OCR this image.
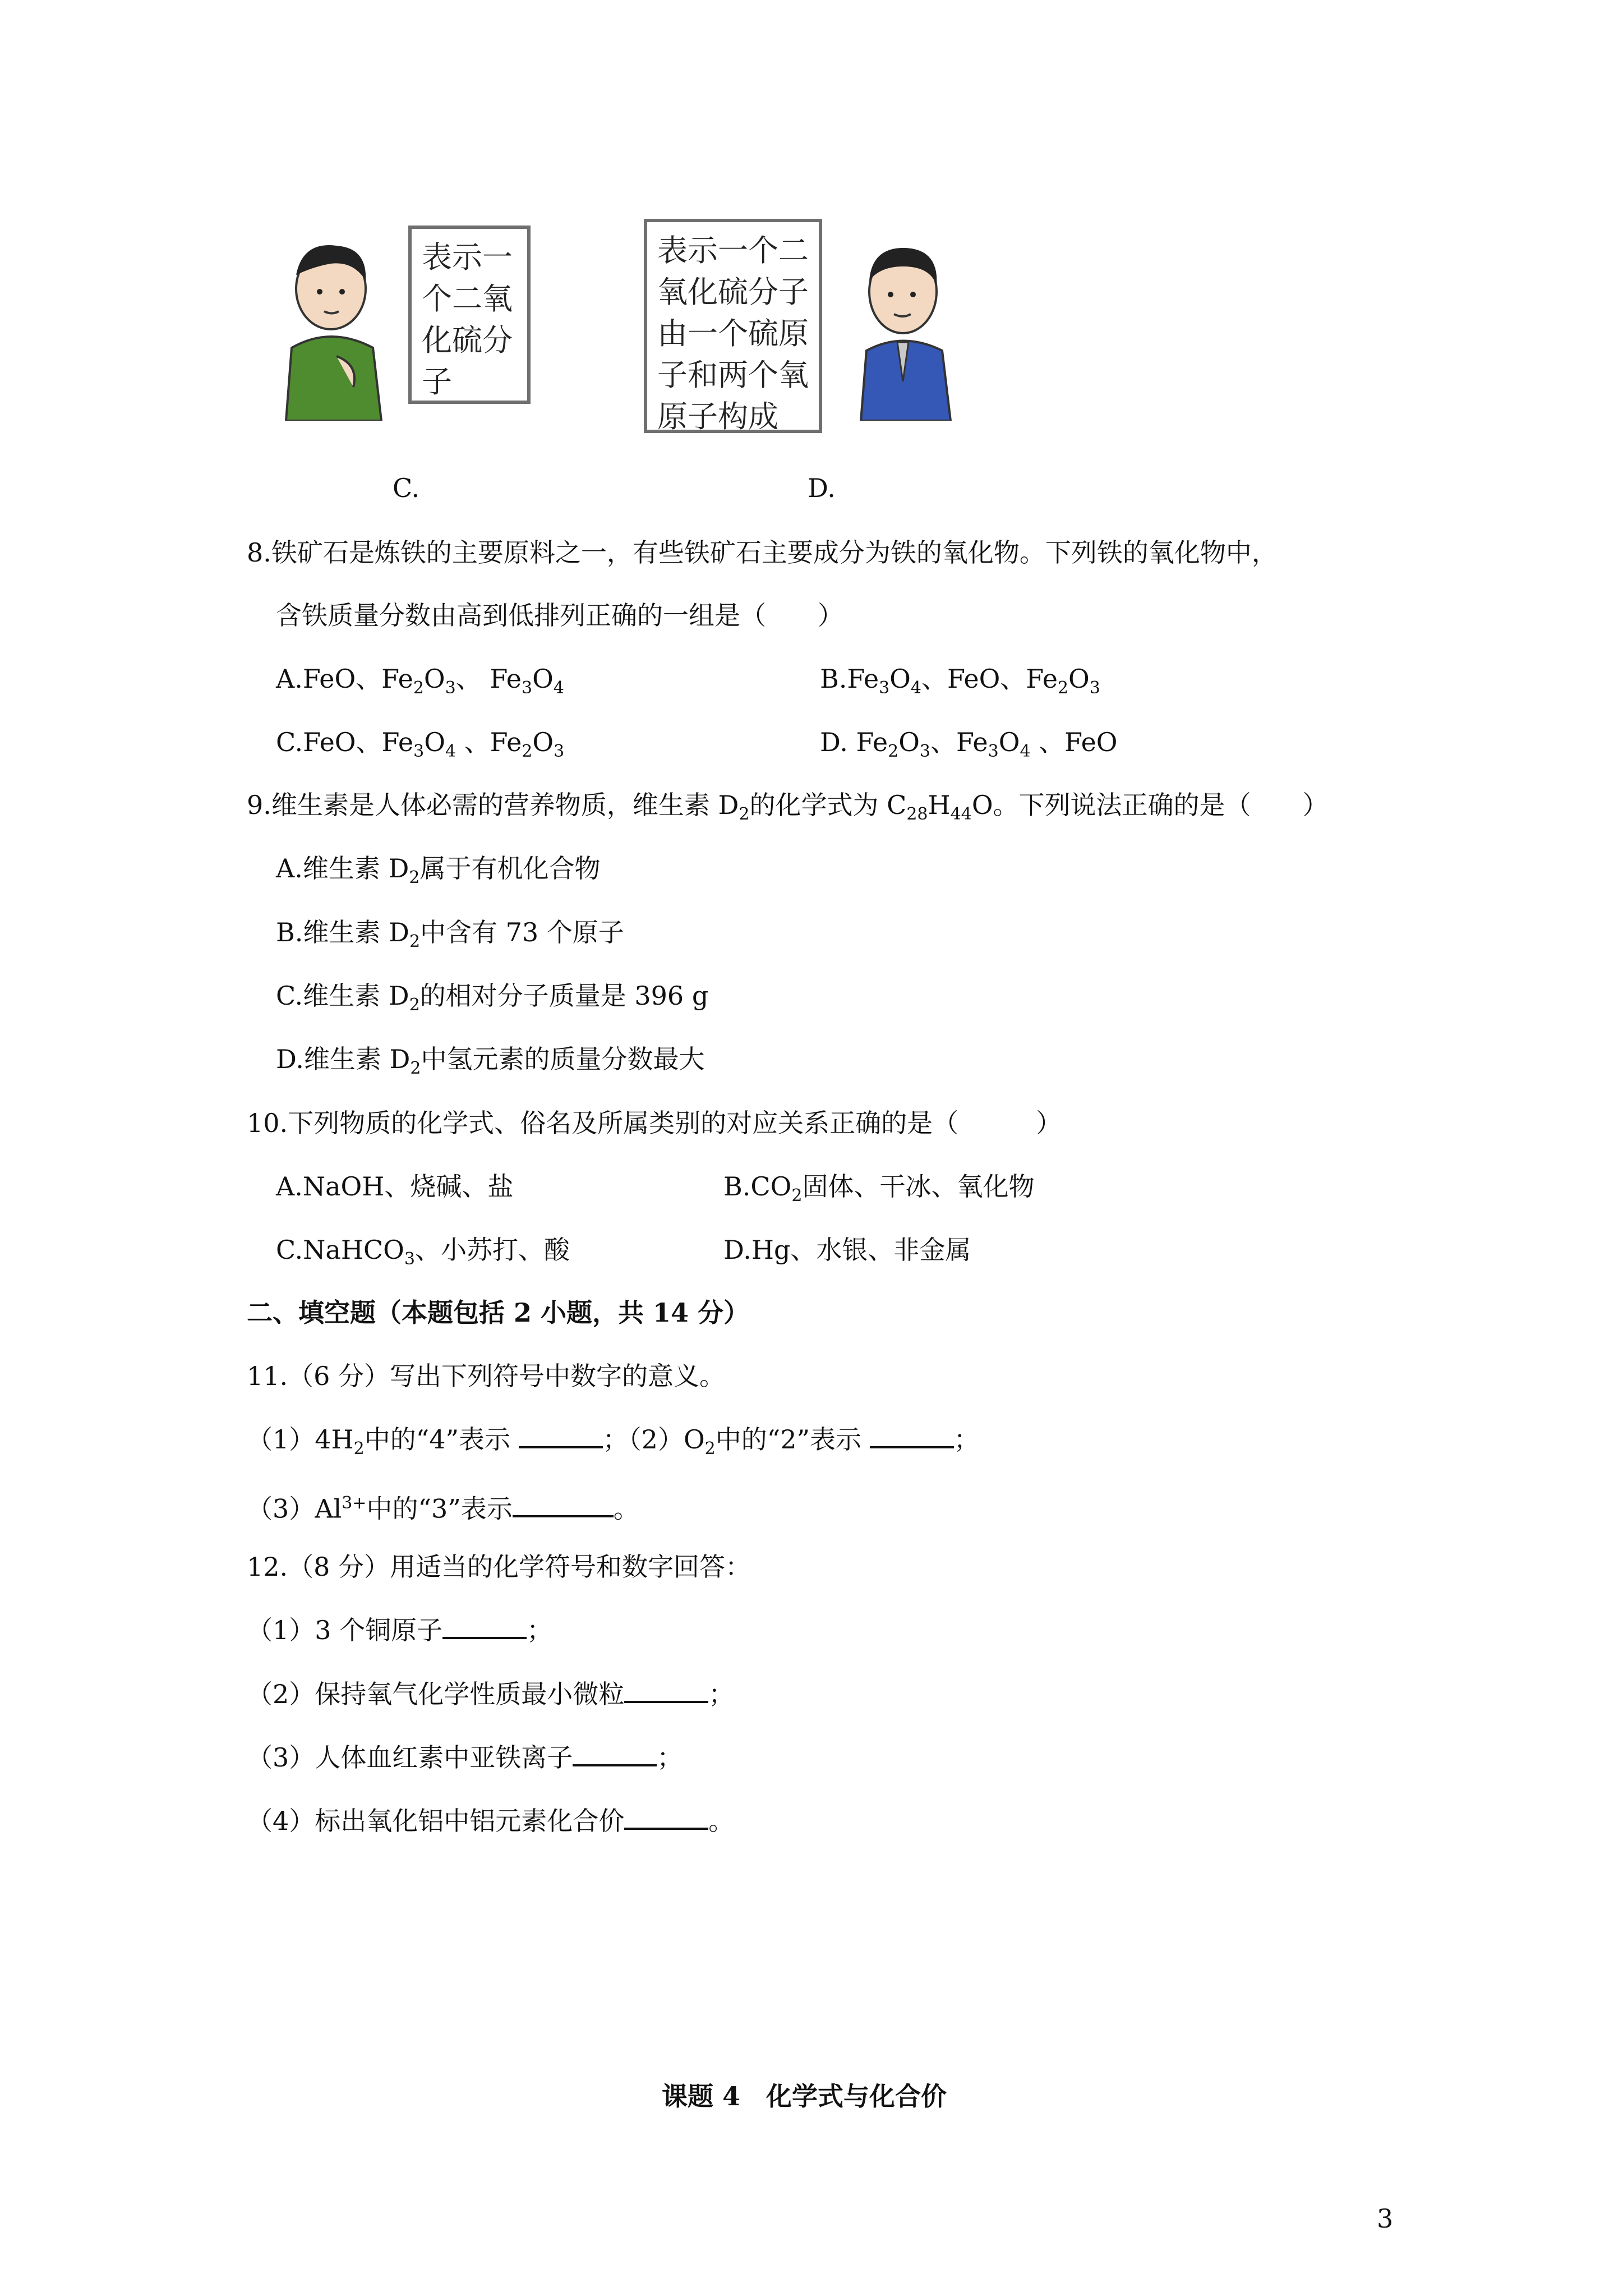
表示一
个二氧
化硫分
子
表示一个二
氧化硫分子
由一个硫原
子和两个氧
原子构成
C.	D.
8.铁矿石是炼铁的主要原料之一，有些铁矿石主要成分为铁的氧化物。下列铁的氧化物中，
含铁质量分数由高到低排列正确的一组是（　　）
A.FeO、$Fe_2O_3$、 $Fe_3O_4$	$B.Fe_3O_4$、FeO、$Fe_2O_3$
C.FeO、$Fe_3O_4$ 、$Fe_2O_3$	D. $Fe_2O_3$、$Fe_3O_4$ 、FeO
9.维生素是人体必需的营养物质，维生素 $D_2$的化学式为 $C_{28}H_{44}O$。下列说法正确的是（　　）
A.维生素 $D_2$属于有机化合物
B.维生素 $D_2$中含有 73 个原子
C.维生素 $D_2$的相对分子质量是 396 g
D.维生素 $D_2$中氢元素的质量分数最大
10.下列物质的化学式、俗名及所属类别的对应关系正确的是（　　　）
A.NaOH、烧碱、盐	$B.CO_2$固体、干冰、氧化物
C.NaHCO$_3$、小苏打、酸	D.Hg、水银、非金属
二、填空题（本题包括 2 小题，共 14 分）
11.（6 分）写出下列符号中数字的意义。
$(1)4H_2$中的“4”表示	；$(2)O_2$中的“2”表示	；
$(3)Al^{3+}$中的“3”表示	。
12.（8 分）用适当的化学符号和数字回答：
（1）3 个铜原子	；
（2）保持氧气化学性质最小微粒	；
（3）人体血红素中亚铁离子	；
（4）标出氧化铝中铝元素化合价	。
课题 4　化学式与化合价
3
